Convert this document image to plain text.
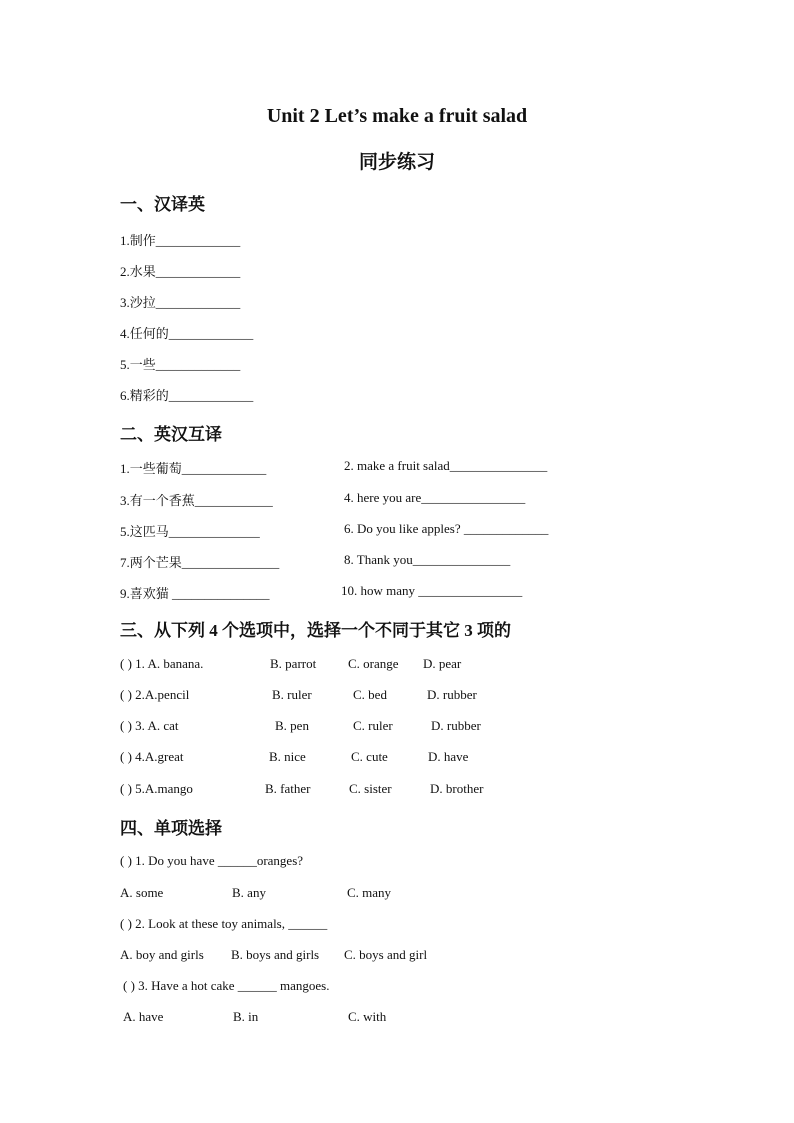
Unit 2 Let’s make a fruit salad
同步练习
一、汉译英
1.制作_____________
2.水果_____________
3.沙拉_____________
4.任何的_____________
5.一些_____________
6.精彩的_____________
二、英汉互译
1.一些葡萄_____________	2. make a fruit salad_______________
3.有一个香蕉____________	4. here you are________________
5.这匹马______________	6. Do you like apples? _____________
7.两个芒果_______________	8. Thank you_______________
9.喜欢猫 _______________	10. how many ________________
三、从下列 4 个选项中，选择一个不同于其它 3 项的
( ) 1. A. banana.	B. parrot C. orange D. pear
( ) 2.A.pencil	B. ruler	C. bed	D. rubber
( ) 3. A. cat	B. pen	C. ruler	D. rubber
( ) 4.A.great	B. nice	C. cute	D. have
( ) 5.A.mango	B. father	C. sister	D. brother
四、单项选择
( ) 1. Do you have ______oranges?
A. some	B. any	C. many
( ) 2. Look at these toy animals, ______
A. boy and girls B. boys and girls C. boys and girl
( ) 3. Have a hot cake ______ mangoes.
A. have	B. in	C. with
